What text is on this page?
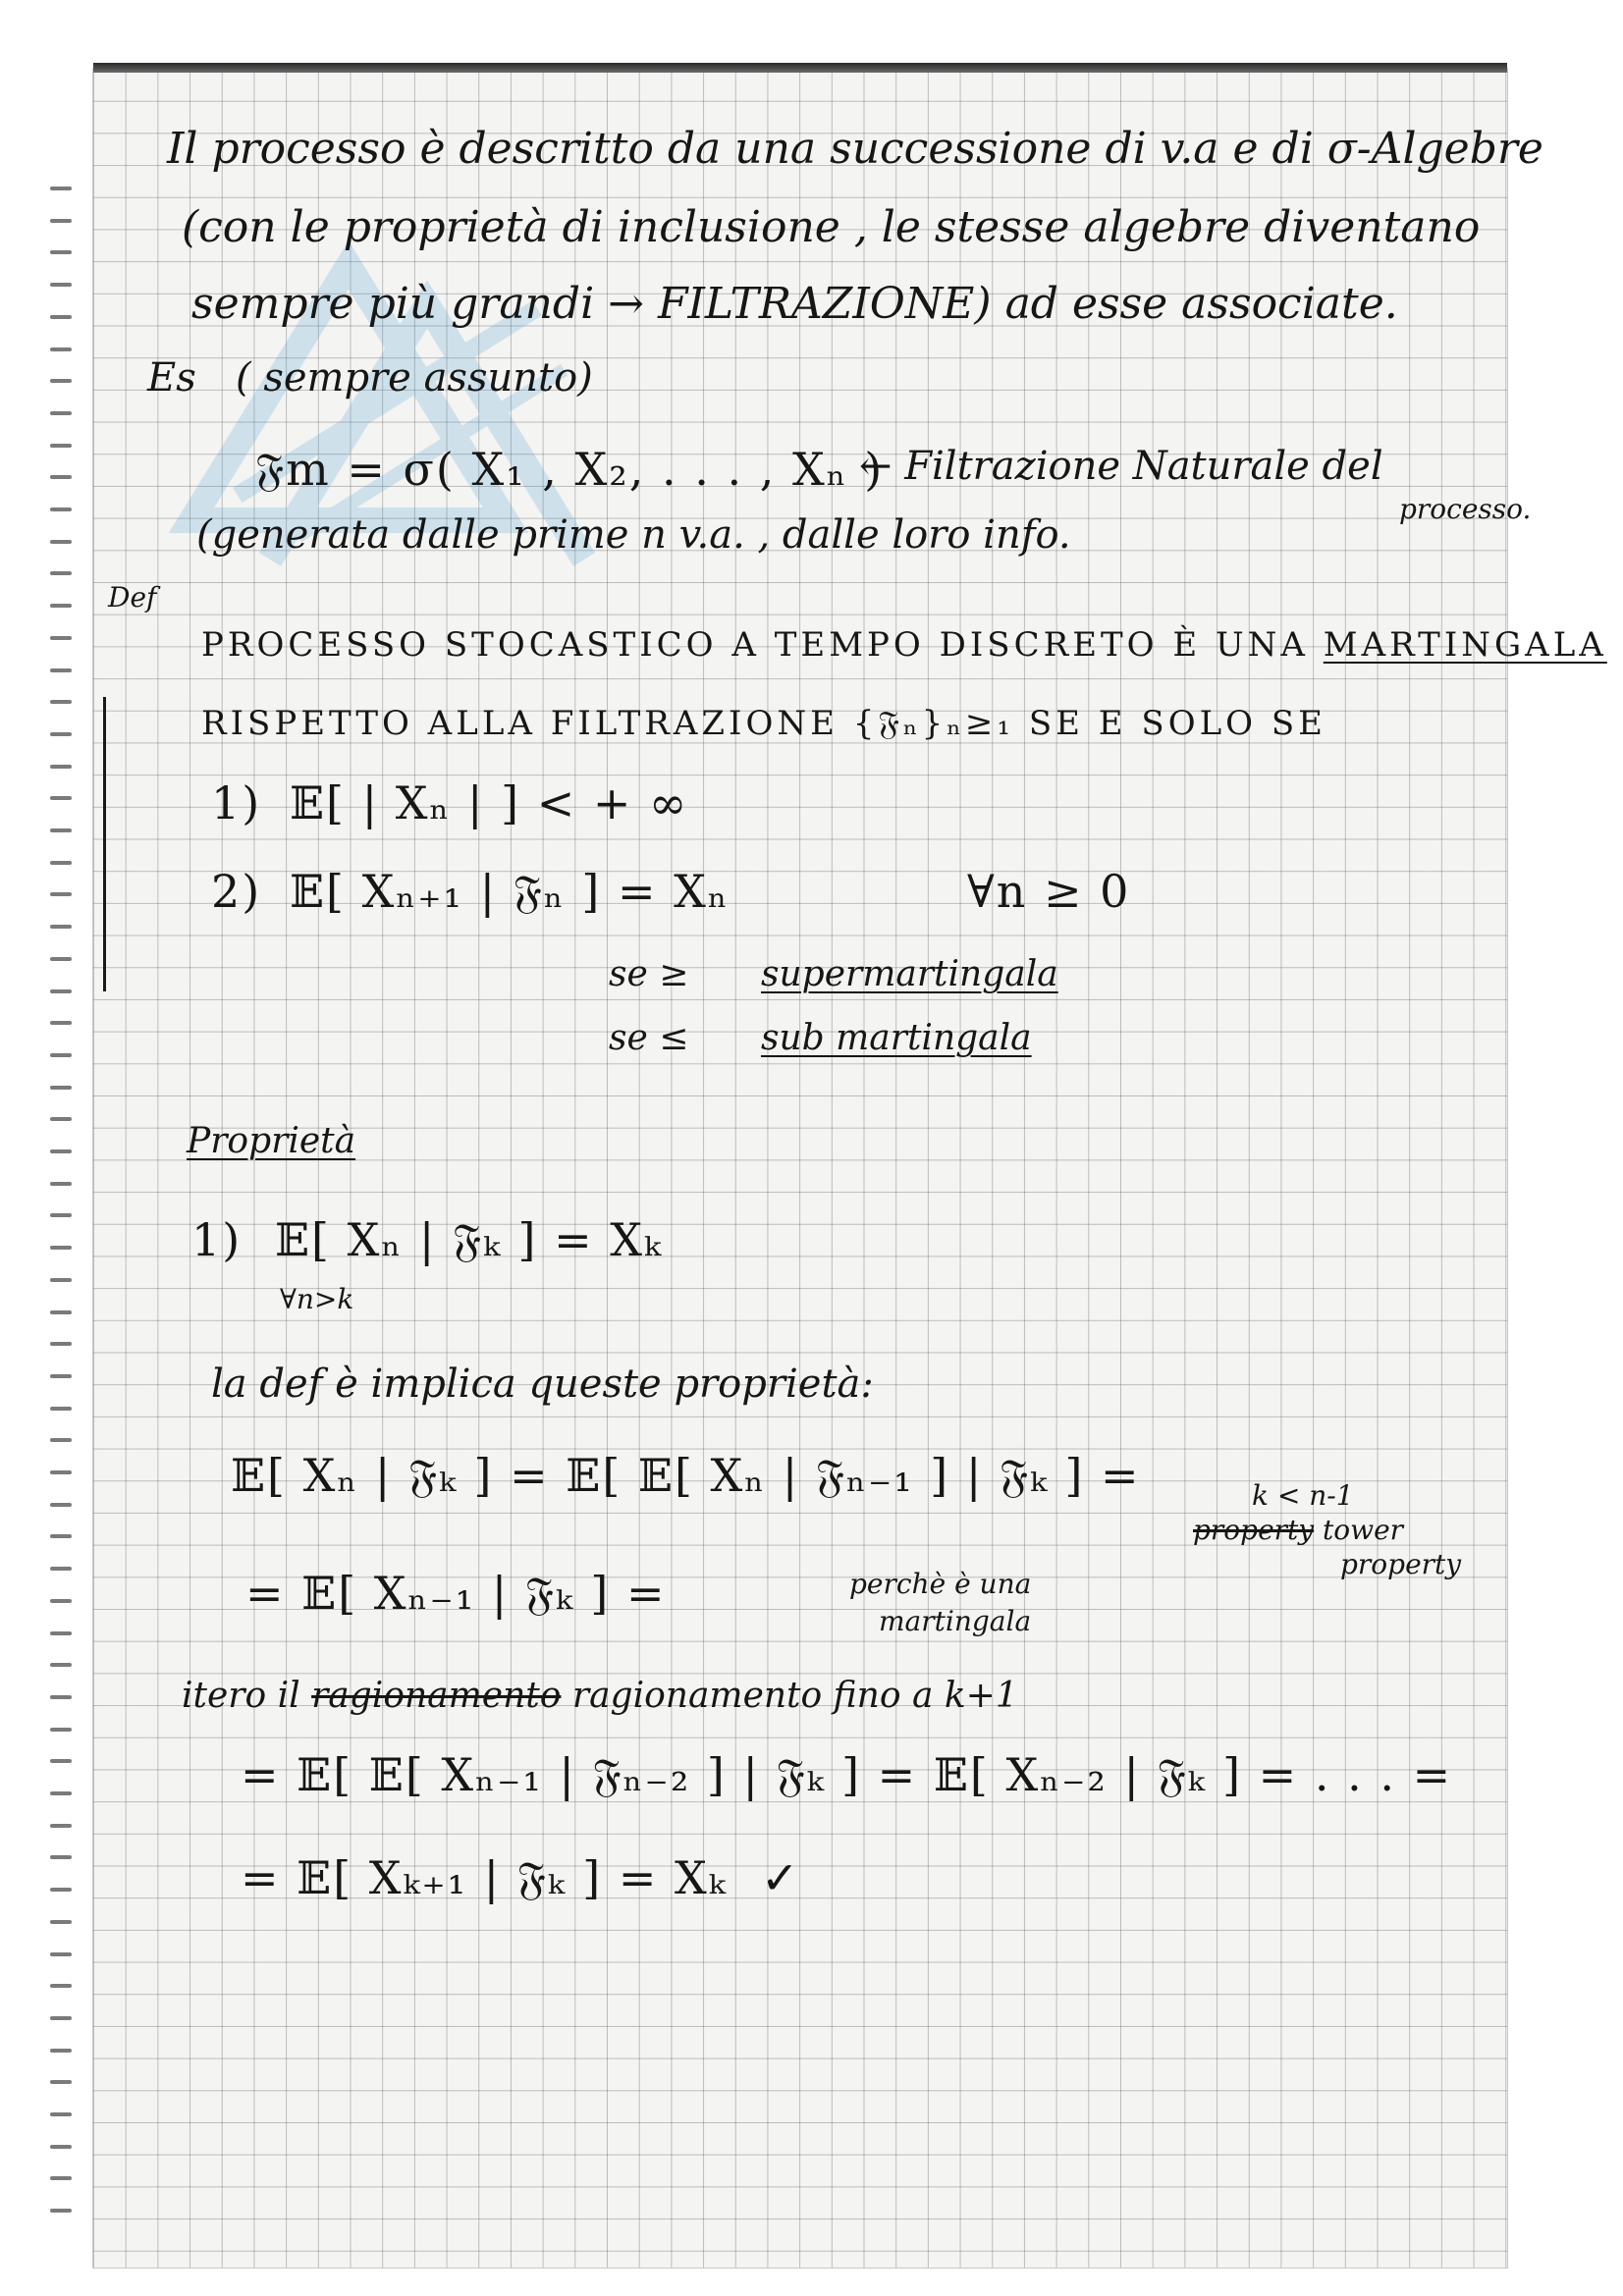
Il processo è descritto da una successione di v.a e di σ-Algebre
(con le proprietà di inclusione , le stesse algebre diventano
sempre più grandi → FILTRAZIONE) ad esse associate.
Es ( sempre assunto)
𝔉m = σ( X₁ , X₂, . . . , Xₙ )
← Filtrazione Naturale del
processo.
(generata dalle prime n v.a. , dalle loro info.
Def
PROCESSO STOCASTICO A TEMPO DISCRETO È UNA MARTINGALA
RISPETTO ALLA FILTRAZIONE {𝔉ₙ}ₙ≥₁ SE E SOLO SE
1) 𝔼[ | Xₙ | ] < + ∞
2) 𝔼[ Xₙ₊₁ | 𝔉ₙ ] = Xₙ	∀n ≥ 0
se ≥ supermartingala
se ≤ sub martingala
Proprietà
1) 𝔼[ Xₙ | 𝔉ₖ ] = Xₖ
∀n>k
la def è implica queste proprietà:
𝔼[ Xₙ | 𝔉ₖ ] = 𝔼[ 𝔼[ Xₙ | 𝔉ₙ₋₁ ] | 𝔉ₖ ] =	k < n-1
property tower
property
= 𝔼[ Xₙ₋₁ | 𝔉ₖ ] =	perchè è una
martingala
itero il ragionamento ragionamento fino a k+1
= 𝔼[ 𝔼[ Xₙ₋₁ | 𝔉ₙ₋₂ ] | 𝔉ₖ ] = 𝔼[ Xₙ₋₂ | 𝔉ₖ ] = . . . =
= 𝔼[ Xₖ₊₁ | 𝔉ₖ ] = Xₖ ✓
